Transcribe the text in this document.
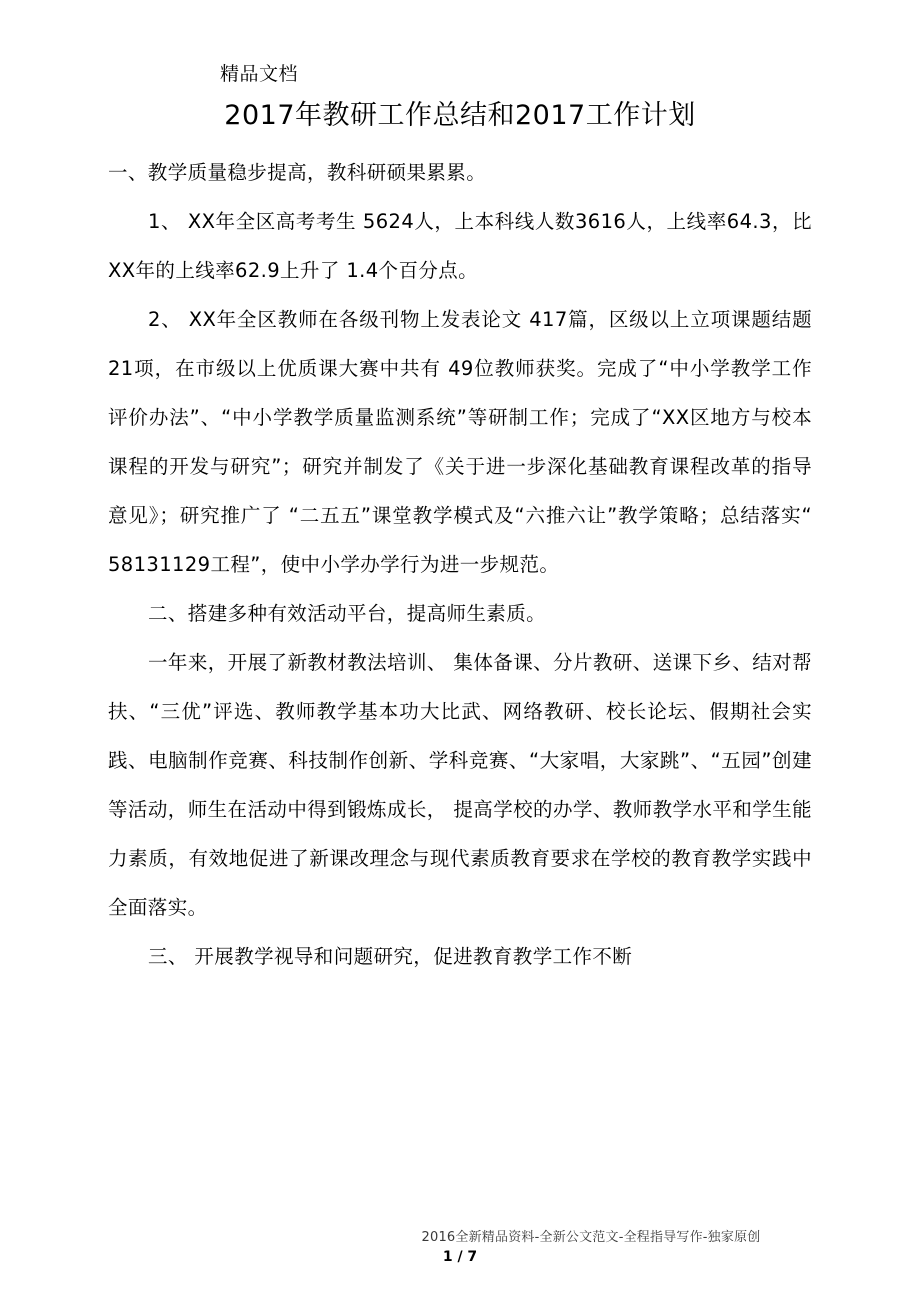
精品文档
2017年教研工作总结和2017工作计划

一、教学质量稳步提高，教科研硕果累累。

1、 XX年全区高考考生 5624人，上本科线人数3616人，上线率64.3，比XX年的上线率62.9上升了 1.4个百分点。

2、 XX年全区教师在各级刊物上发表论文 417篇，区级以上立项课题结题 21项，在市级以上优质课大赛中共有 49位教师获奖。完成了“中小学教学工作评价办法”、“中小学教学质量监测系统”等研制工作；完成了“XX区地方与校本课程的开发与研究”；研究并制发了《关于进一步深化基础教育课程改革的指导意见》；研究推广了 “二五五”课堂教学模式及“六推六让”教学策略；总结落实“ 58131129工程”，使中小学办学行为进一步规范。

二、搭建多种有效活动平台，提高师生素质。

一年来，开展了新教材教法培训、 集体备课、分片教研、送课下乡、结对帮扶、“三优”评选、教师教学基本功大比武、网络教研、校长论坛、假期社会实践、电脑制作竞赛、科技制作创新、学科竞赛、“大家唱，大家跳”、“五园”创建等活动，师生在活动中得到锻炼成长， 提高学校的办学、教师教学水平和学生能力素质，有效地促进了新课改理念与现代素质教育要求在学校的教育教学实践中全面落实。

三、 开展教学视导和问题研究，促进教育教学工作不断

2016全新精品资料-全新公文范文-全程指导写作-独家原创
1 / 7
